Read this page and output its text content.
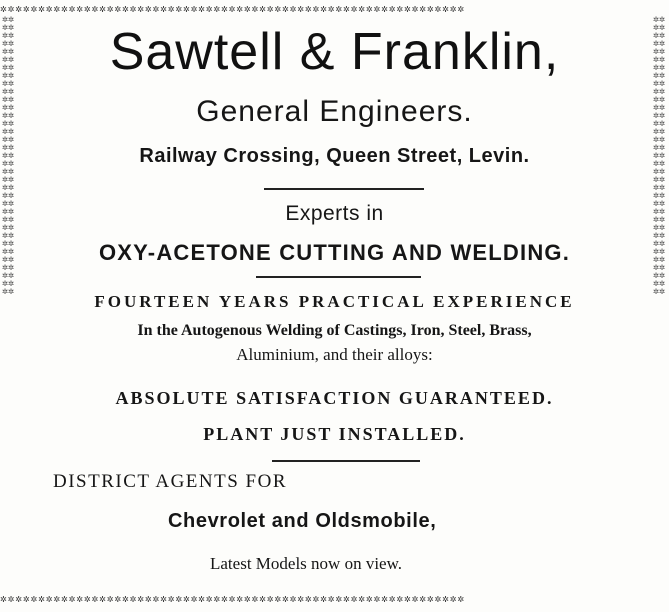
✲✲✲✲✲✲✲✲✲✲✲✲✲✲✲✲✲✲✲✲✲✲✲✲✲✲✲✲✲✲✲✲✲✲✲✲✲✲✲✲✲✲✲✲✲✲✲✲✲✲✲✲✲✲✲✲✲✲✲✲✲
✲✲✲✲✲✲✲✲✲✲✲✲✲✲✲✲✲✲✲✲✲✲✲✲✲✲✲✲✲✲✲✲✲✲✲✲✲✲✲✲✲✲✲✲✲✲✲✲✲✲✲✲✲✲✲✲✲✲✲✲✲✲✲✲✲✲✲✲✲✲
✲✲✲✲✲✲✲✲✲✲✲✲✲✲✲✲✲✲✲✲✲✲✲✲✲✲✲✲✲✲✲✲✲✲✲✲✲✲✲✲✲✲✲✲✲✲✲✲✲✲✲✲✲✲✲✲✲✲✲✲✲✲✲✲✲✲✲✲✲✲
✲✲✲✲✲✲✲✲✲✲✲✲✲✲✲✲✲✲✲✲✲✲✲✲✲✲✲✲✲✲✲✲✲✲✲✲✲✲✲✲✲✲✲✲✲✲✲✲✲✲✲✲✲✲✲✲✲✲✲✲✲
Sawtell & Franklin,
General Engineers.
Railway Crossing, Queen Street, Levin.
Experts in
OXY-ACETONE CUTTING AND WELDING.
FOURTEEN YEARS PRACTICAL EXPERIENCE
In the Autogenous Welding of Castings, Iron, Steel, Brass,
Aluminium, and their alloys:
ABSOLUTE SATISFACTION GUARANTEED.
PLANT JUST INSTALLED.
DISTRICT AGENTS FOR
Chevrolet and Oldsmobile,
Latest Models now on view.
